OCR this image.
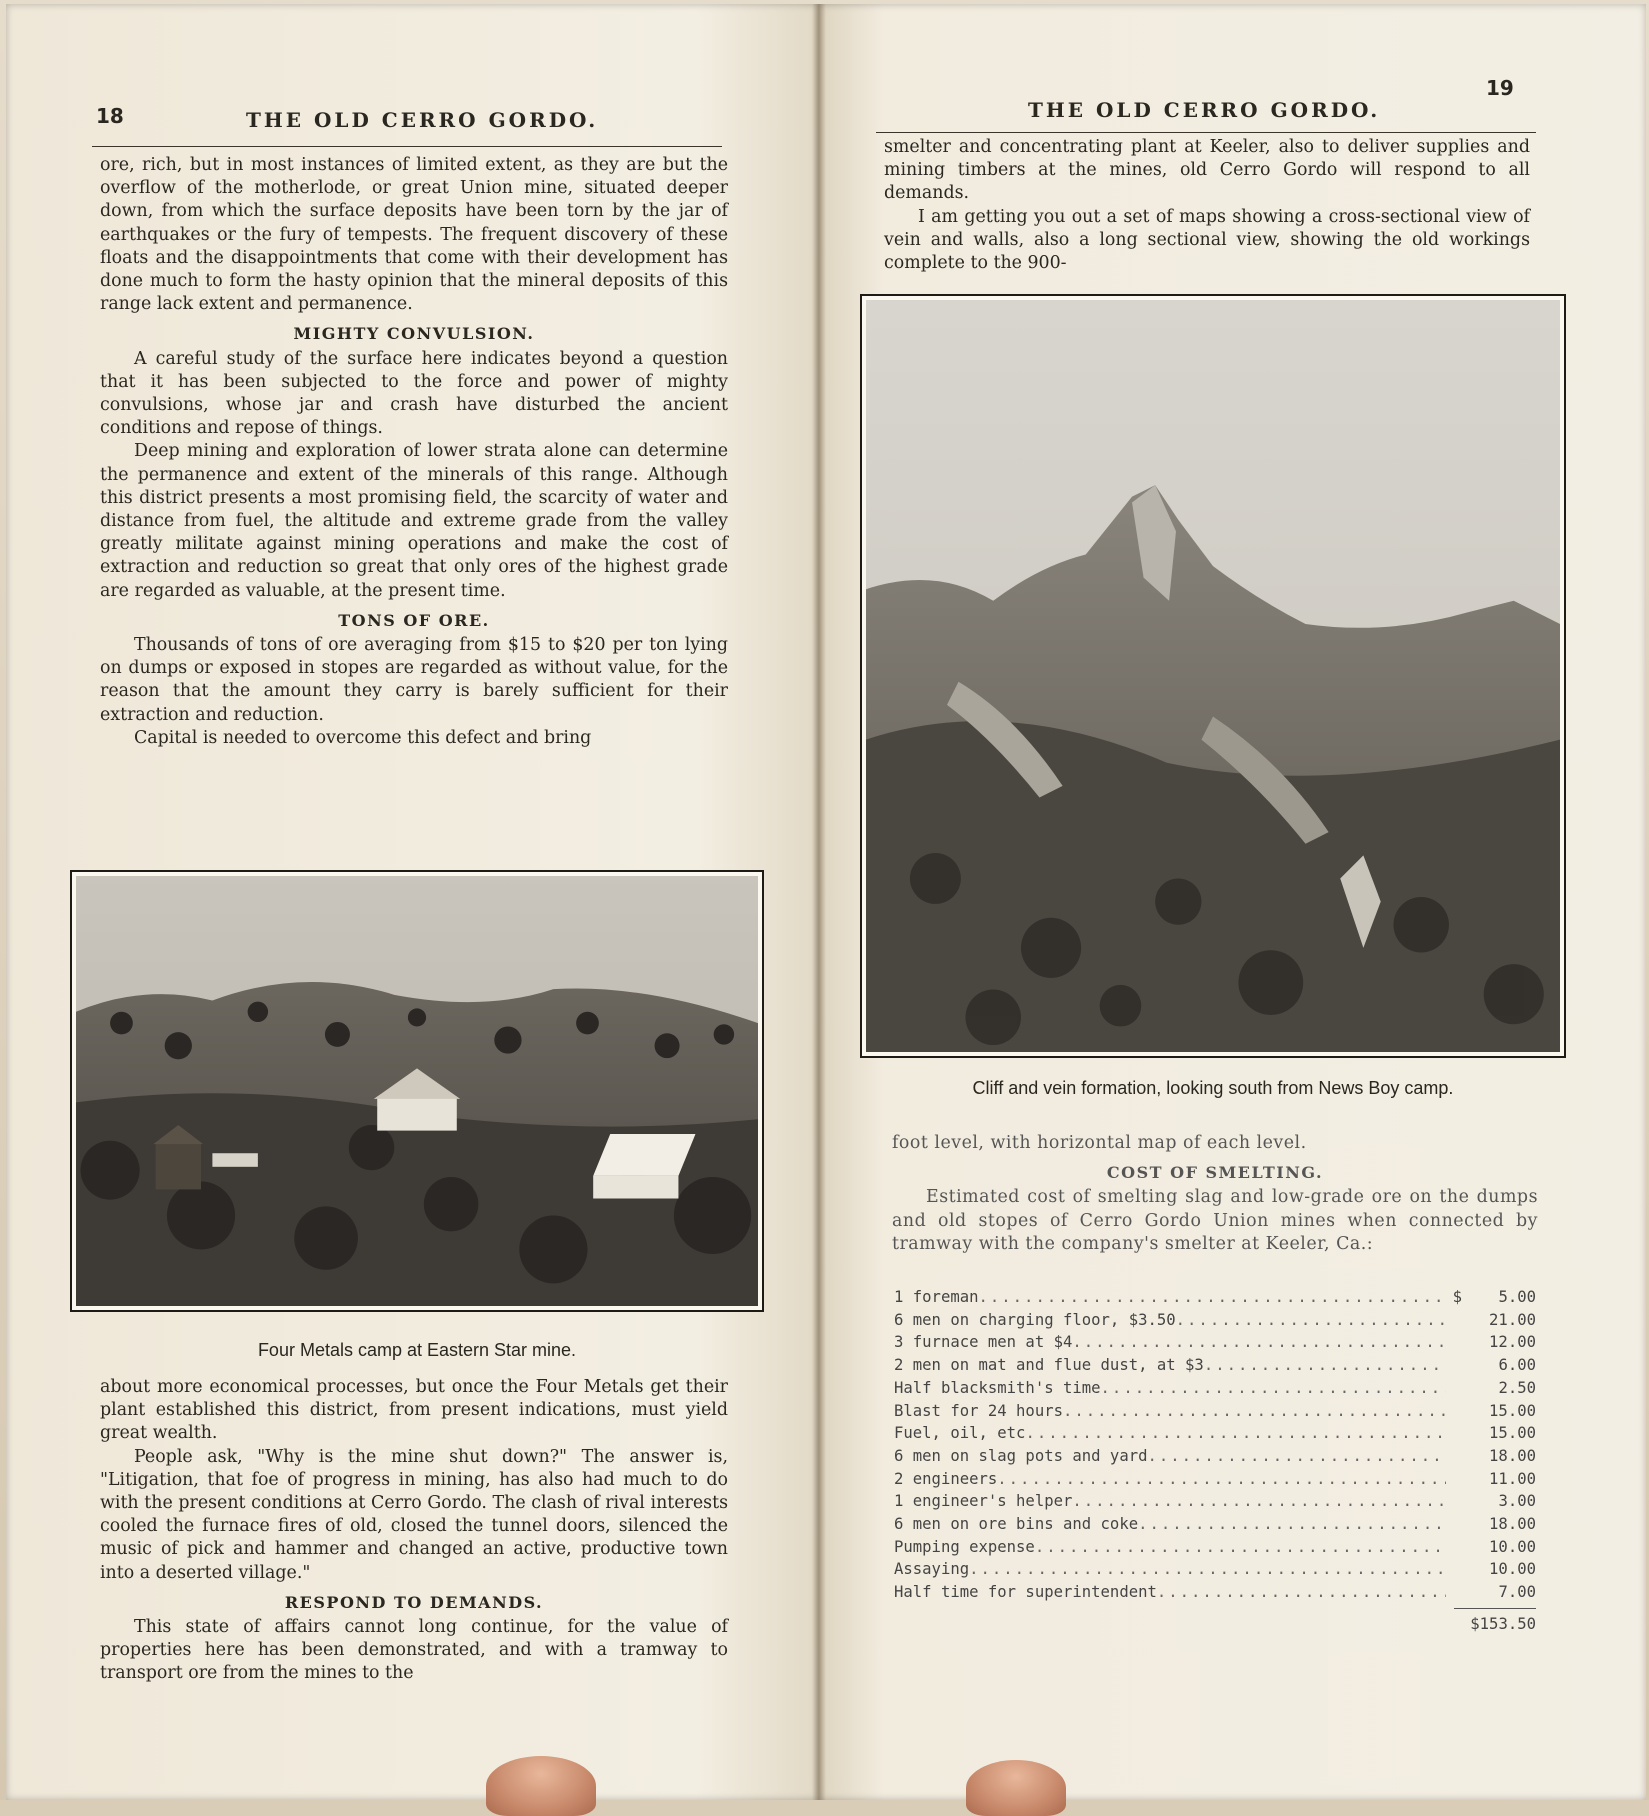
18	THE OLD CERRO GORDO.

ore, rich, but in most instances of limited extent, as they are but the overflow of the motherlode, or great Union mine, situated deeper down, from which the surface deposits have been torn by the jar of earthquakes or the fury of tempests. The frequent discovery of these floats and the disappointments that come with their development has done much to form the hasty opinion that the mineral deposits of this range lack extent and permanence.

MIGHTY CONVULSION.

A careful study of the surface here indicates beyond a question that it has been subjected to the force and power of mighty convulsions, whose jar and crash have disturbed the ancient conditions and repose of things.

Deep mining and exploration of lower strata alone can determine the permanence and extent of the minerals of this range. Although this district presents a most promising field, the scarcity of water and distance from fuel, the altitude and extreme grade from the valley greatly militate against mining operations and make the cost of extraction and reduction so great that only ores of the highest grade are regarded as valuable, at the present time.

TONS OF ORE.

Thousands of tons of ore averaging from $15 to $20 per ton lying on dumps or exposed in stopes are regarded as without value, for the reason that the amount they carry is barely sufficient for their extraction and reduction.

Capital is needed to overcome this defect and bring

Four Metals camp at Eastern Star mine.

about more economical processes, but once the Four Metals get their plant established this district, from present indications, must yield great wealth.

People ask, "Why is the mine shut down?" The answer is, "Litigation, that foe of progress in mining, has also had much to do with the present conditions at Cerro Gordo. The clash of rival interests cooled the furnace fires of old, closed the tunnel doors, silenced the music of pick and hammer and changed an active, productive town into a deserted village."

RESPOND TO DEMANDS.

This state of affairs cannot long continue, for the value of properties here has been demonstrated, and with a tramway to transport ore from the mines to the

THE OLD CERRO GORDO.
19

smelter and concentrating plant at Keeler, also to deliver supplies and mining timbers at the mines, old Cerro Gordo will respond to all demands.

I am getting you out a set of maps showing a cross-sectional view of vein and walls, also a long sectional view, showing the old workings complete to the 900-

Cliff and vein formation, looking south from News Boy camp.

foot level, with horizontal map of each level.

COST OF SMELTING.

Estimated cost of smelting slag and low-grade ore on the dumps and old stopes of Cerro Gordo Union mines when connected by tramway with the company's smelter at Keeler, Ca.:

1 foreman .....	$	5.00
6 men on charging floor, $3.50 .....	21.00
3 furnace men at $4 .....	12.00
2 men on mat and flue dust, at $3 .....	6.00
Half blacksmith's time .....	2.50
Blast for 24 hours .....	15.00
Fuel, oil, etc .....	15.00
6 men on slag pots and yard .....	18.00
2 engineers .....	11.00
1 engineer's helper .....	3.00
6 men on ore bins and coke .....	18.00
Pumping expense .....	10.00
Assaying .....	10.00
Half time for superintendent .....	7.00
$153.50
